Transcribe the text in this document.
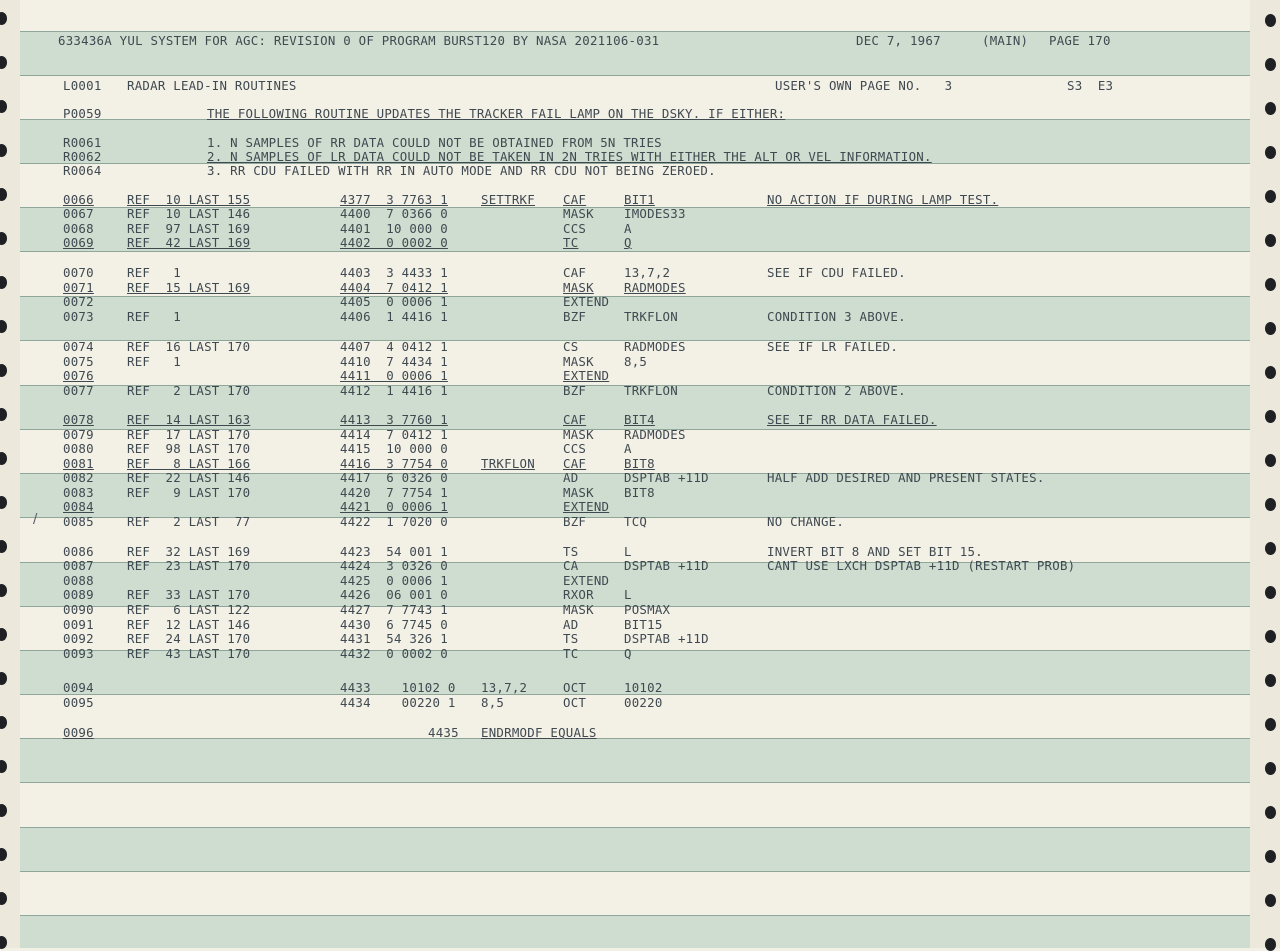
633436A YUL SYSTEM FOR AGC: REVISION 0 OF PROGRAM BURST120 BY NASA 2021106-031	DEC 7, 1967	(MAIN) PAGE 170
L0001 RADAR LEAD-IN ROUTINES	USER'S OWN PAGE NO.   3	S3  E3
P0059	THE FOLLOWING ROUTINE UPDATES THE TRACKER FAIL LAMP ON THE DSKY. IF EITHER:
R0061	1. N SAMPLES OF RR DATA COULD NOT BE OBTAINED FROM 5N TRIES
R0062	2. N SAMPLES OF LR DATA COULD NOT BE TAKEN IN 2N TRIES WITH EITHER THE ALT OR VEL INFORMATION.
R0064	3. RR CDU FAILED WITH RR IN AUTO MODE AND RR CDU NOT BEING ZEROED.
0066	REF  10 LAST 155	4377  3 7763 1	SETTRKF CAF	BIT1	NO ACTION IF DURING LAMP TEST.
0067	REF  10 LAST 146	4400  7 0366 0	MASK IMODES33
0068	REF  97 LAST 169	4401  10 000 0	CCS	A
0069	REF  42 LAST 169	4402  0 0002 0	TC	Q
0070	REF   1	4403  3 4433 1	CAF	13,7,2	SEE IF CDU FAILED.
0071	REF  15 LAST 169	4404  7 0412 1	MASK RADMODES
0072	4405  0 0006 1	EXTEND
0073	REF   1	4406  1 4416 1	BZF	TRKFLON	CONDITION 3 ABOVE.
0074	REF  16 LAST 170	4407  4 0412 1	CS	RADMODES	SEE IF LR FAILED.
0075	REF   1	4410  7 4434 1	MASK 8,5
0076	4411  0 0006 1	EXTEND
0077	REF   2 LAST 170	4412  1 4416 1	BZF	TRKFLON	CONDITION 2 ABOVE.
0078	REF  14 LAST 163	4413  3 7760 1	CAF	BIT4	SEE IF RR DATA FAILED.
0079	REF  17 LAST 170	4414  7 0412 1	MASK RADMODES
0080	REF  98 LAST 170	4415  10 000 0	CCS	A
0081	REF   8 LAST 166	4416  3 7754 0	TRKFLON CAF	BIT8
0082	REF  22 LAST 146	4417  6 0326 0	AD	DSPTAB +11D	HALF ADD DESIRED AND PRESENT STATES.
0083	REF   9 LAST 170	4420  7 7754 1	MASK BIT8
0084	4421  0 0006 1	EXTEND
0085	REF   2 LAST  77	4422  1 7020 0	BZF	TCQ	NO CHANGE.
0086	REF  32 LAST 169	4423  54 001 1	TS	L	INVERT BIT 8 AND SET BIT 15.
0087	REF  23 LAST 170	4424  3 0326 0	CA	DSPTAB +11D	CANT USE LXCH DSPTAB +11D (RESTART PROB)
0088	4425  0 0006 1	EXTEND
0089	REF  33 LAST 170	4426  06 001 0	RXOR L
0090	REF   6 LAST 122	4427  7 7743 1	MASK POSMAX
0091	REF  12 LAST 146	4430  6 7745 0	AD	BIT15
0092	REF  24 LAST 170	4431  54 326 1	TS	DSPTAB +11D
0093	REF  43 LAST 170	4432  0 0002 0	TC	Q
0094	4433    10102 0 13,7,2	OCT	10102
0095	4434    00220 1 8,5	OCT	00220
/
0096	4435 ENDRMODF EQUALS
